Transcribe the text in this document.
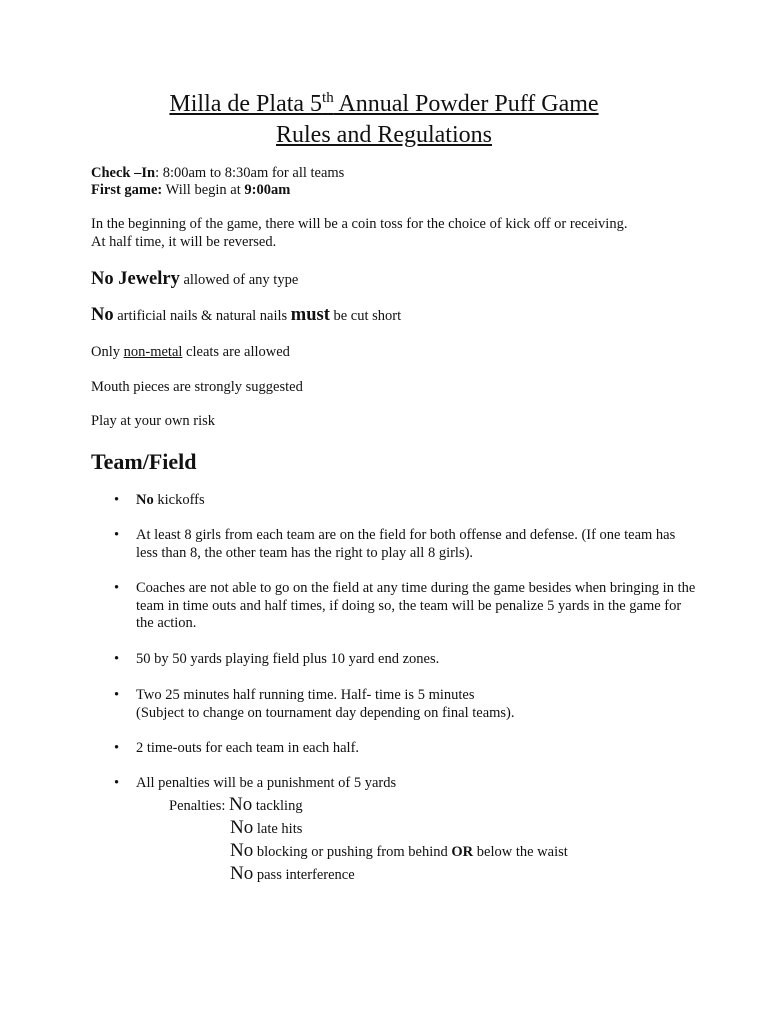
Milla de Plata 5th Annual Powder Puff Game
Rules and Regulations
Check –In: 8:00am to 8:30am for all teams
First game: Will begin at 9:00am
In the beginning of the game, there will be a coin toss for the choice of kick off or receiving.
At half time, it will be reversed.
No Jewelry allowed of any type
No artificial nails & natural nails must be cut short
Only non-metal cleats are allowed
Mouth pieces are strongly suggested
Play at your own risk
Team/Field
• No kickoffs
• At least 8 girls from each team are on the field for both offense and defense. (If one team has less than 8, the other team has the right to play all 8 girls).
• Coaches are not able to go on the field at any time during the game besides when bringing in the team in time outs and half times, if doing so, the team will be penalize 5 yards in the game for the action.
• 50 by 50 yards playing field plus 10 yard end zones.
• Two 25 minutes half running time. Half- time is 5 minutes
(Subject to change on tournament day depending on final teams).
• 2 time-outs for each team in each half.
• All penalties will be a punishment of 5 yards
Penalties: No tackling
No late hits
No blocking or pushing from behind OR below the waist
No pass interference
